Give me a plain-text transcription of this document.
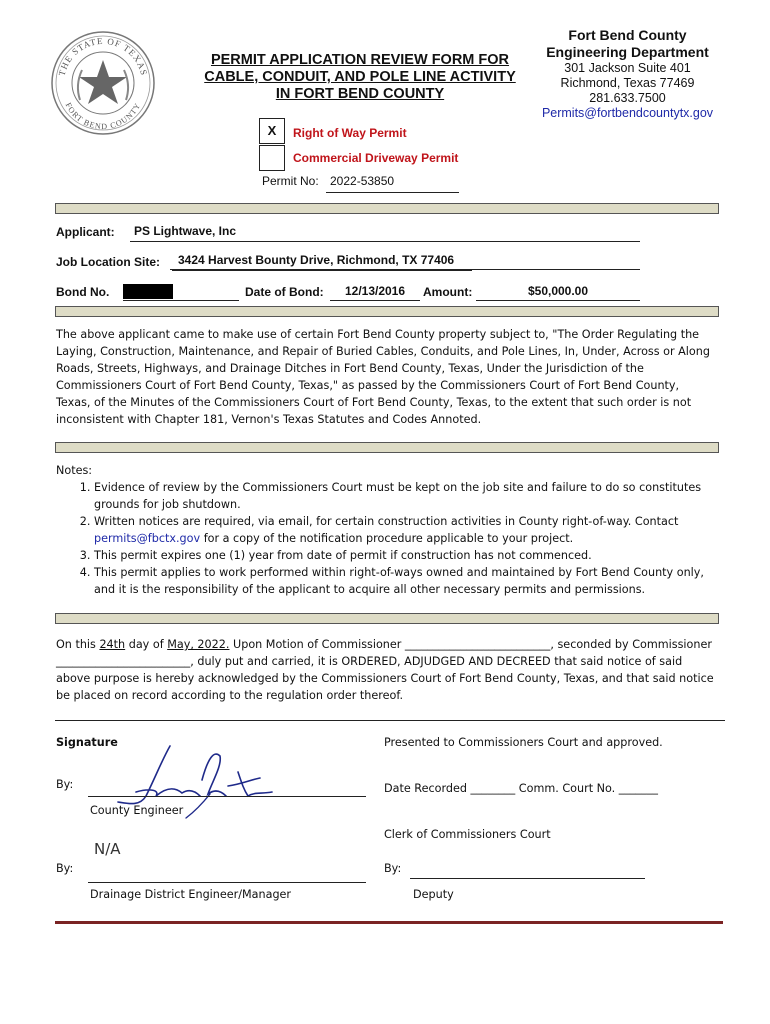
THE STATE OF TEXAS
FORT BEND COUNTY
PERMIT APPLICATION REVIEW FORM FOR
CABLE, CONDUIT, AND POLE LINE ACTIVITY
IN FORT BEND COUNTY
Fort Bend County
Engineering Department
301 Jackson Suite 401
Richmond, Texas 77469
281.633.7500
Permits@fortbendcountytx.gov
X	Right of Way Permit
Commercial Driveway Permit
Permit No: 2022-53850
Applicant:	PS Lightwave, Inc
Job Location Site:	3424 Harvest Bounty Drive, Richmond, TX 77406
Bond No.	Date of Bond:	12/13/2016	Amount:	$50,000.00
The above applicant came to make use of certain Fort Bend County property subject to, "The Order Regulating the Laying, Construction, Maintenance, and Repair of Buried Cables, Conduits, and Pole Lines, In, Under, Across or Along Roads, Streets, Highways, and Drainage Ditches in Fort Bend County, Texas, Under the Jurisdiction of the Commissioners Court of Fort Bend County, Texas," as passed by the Commissioners Court of Fort Bend County, Texas, of the Minutes of the Commissioners Court of Fort Bend County, Texas, to the extent that such order is not inconsistent with Chapter 181, Vernon's Texas Statutes and Codes Annoted.
Notes:
1. Evidence of review by the Commissioners Court must be kept on the job site and failure to do so constitutes grounds for job shutdown.
2. Written notices are required, via email, for certain construction activities in County right-of-way. Contact permits@fbctx.gov for a copy of the notification procedure applicable to your project.
3. This permit expires one (1) year from date of permit if construction has not commenced.
4. This permit applies to work performed within right-of-ways owned and maintained by Fort Bend County only, and it is the responsibility of the applicant to acquire all other necessary permits and permissions.
On this 24th day of May, 2022. Upon Motion of Commissioner __________________________, seconded by Commissioner ________________________, duly put and carried, it is ORDERED, ADJUDGED AND DECREED that said notice of said above purpose is hereby acknowledged by the Commissioners Court of Fort Bend County, Texas, and that said notice be placed on record according to the regulation order thereof.
Signature
By:
County Engineer
N/A
By:
Drainage District Engineer/Manager
Presented to Commissioners Court and approved.
Date Recorded ________ Comm. Court No. _______
Clerk of Commissioners Court
By:
Deputy
